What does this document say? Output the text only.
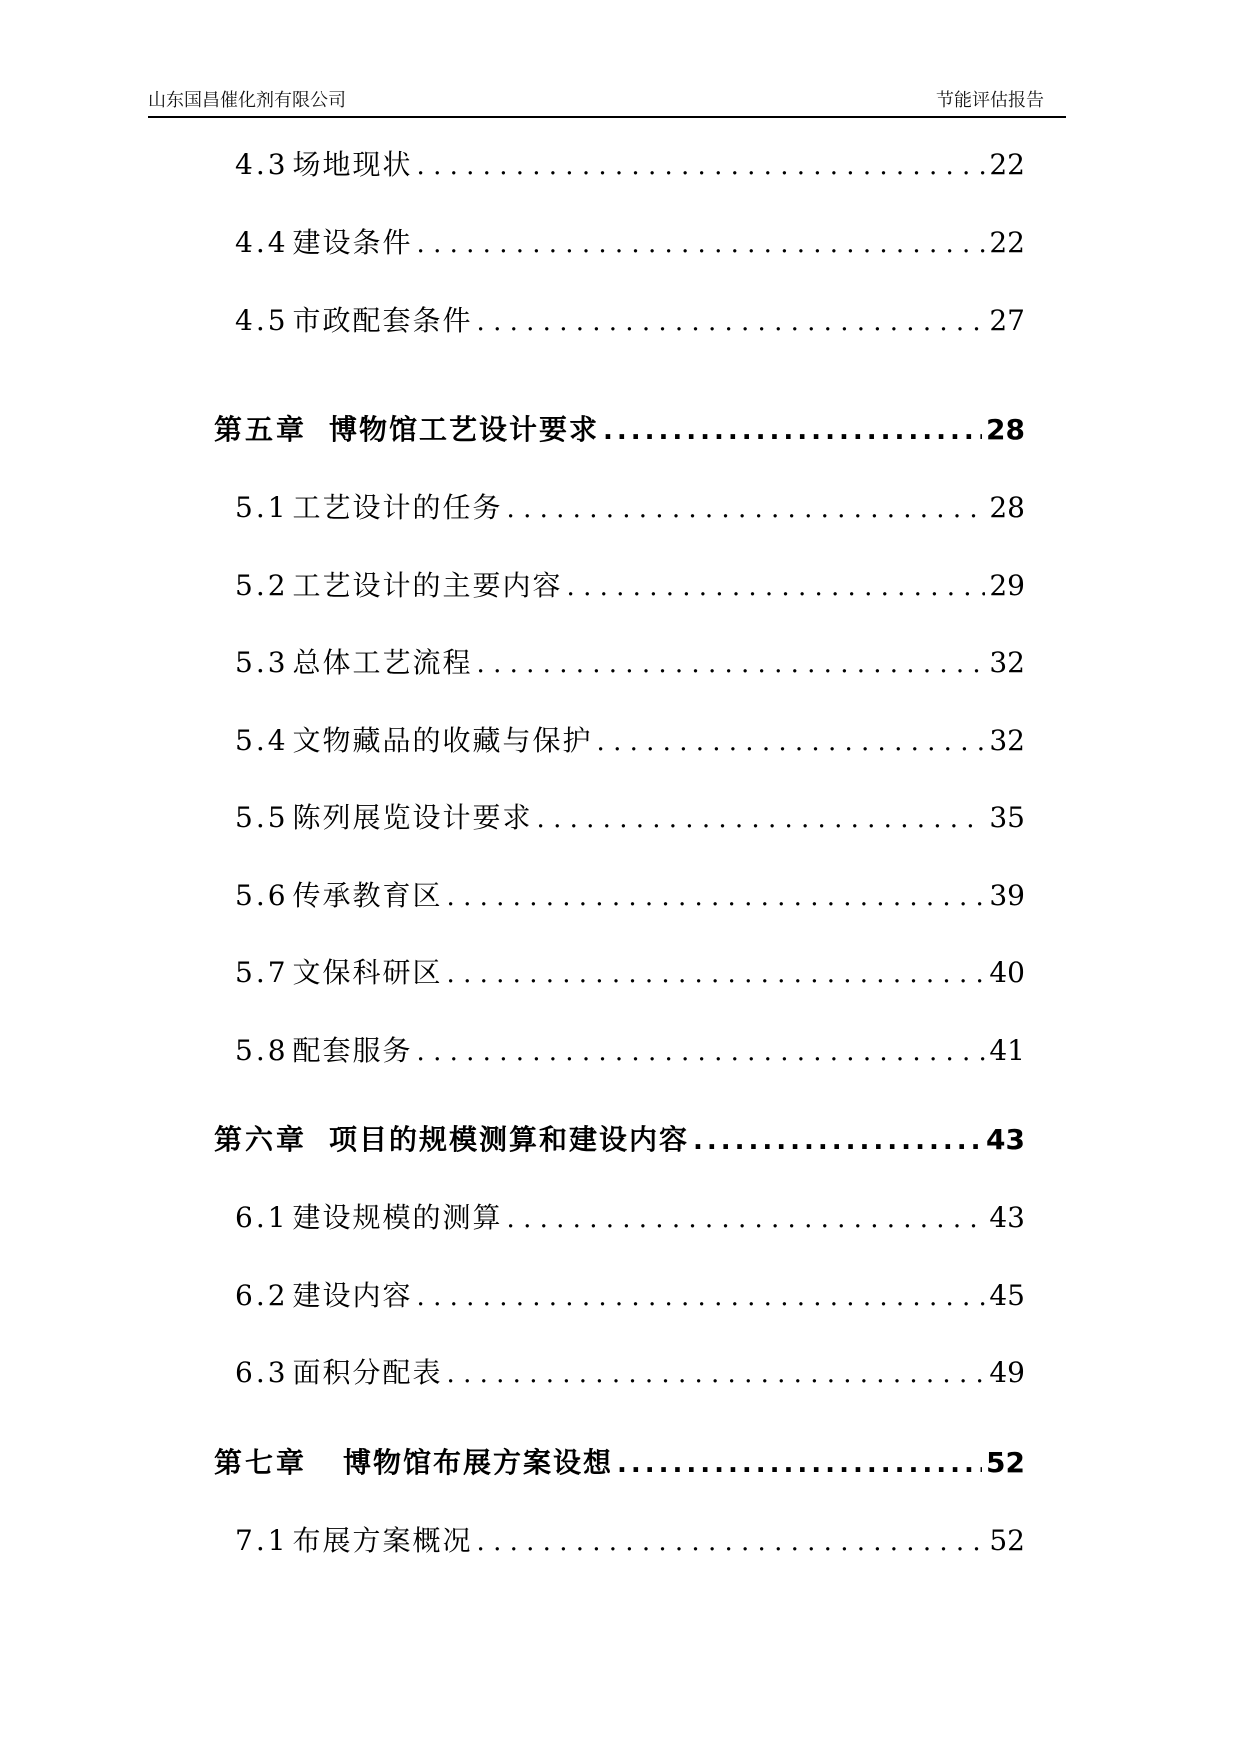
山东国昌催化剂有限公司	节能评估报告
4.3 场地现状 . . .	22
4.4 建设条件 . . .	22
4.5 市政配套条件 . . .	27
第五章 博物馆工艺设计要求 .....	28
5.1 工艺设计的任务 . . .	28
5.2 工艺设计的主要内容 . . .	29
5.3 总体工艺流程 . . .	32
5.4 文物藏品的收藏与保护 . . .	32
5.5 陈列展览设计要求 . . .	35
5.6 传承教育区 . . .	39
5.7 文保科研区 . . .	40
5.8 配套服务 . . .	41
第六章 项目的规模测算和建设内容 .....	43
6.1 建设规模的测算 . . .	43
6.2 建设内容 . . .	45
6.3 面积分配表 . . .	49
第七章 博物馆布展方案设想 .....	52
7.1 布展方案概况 . . .	52
